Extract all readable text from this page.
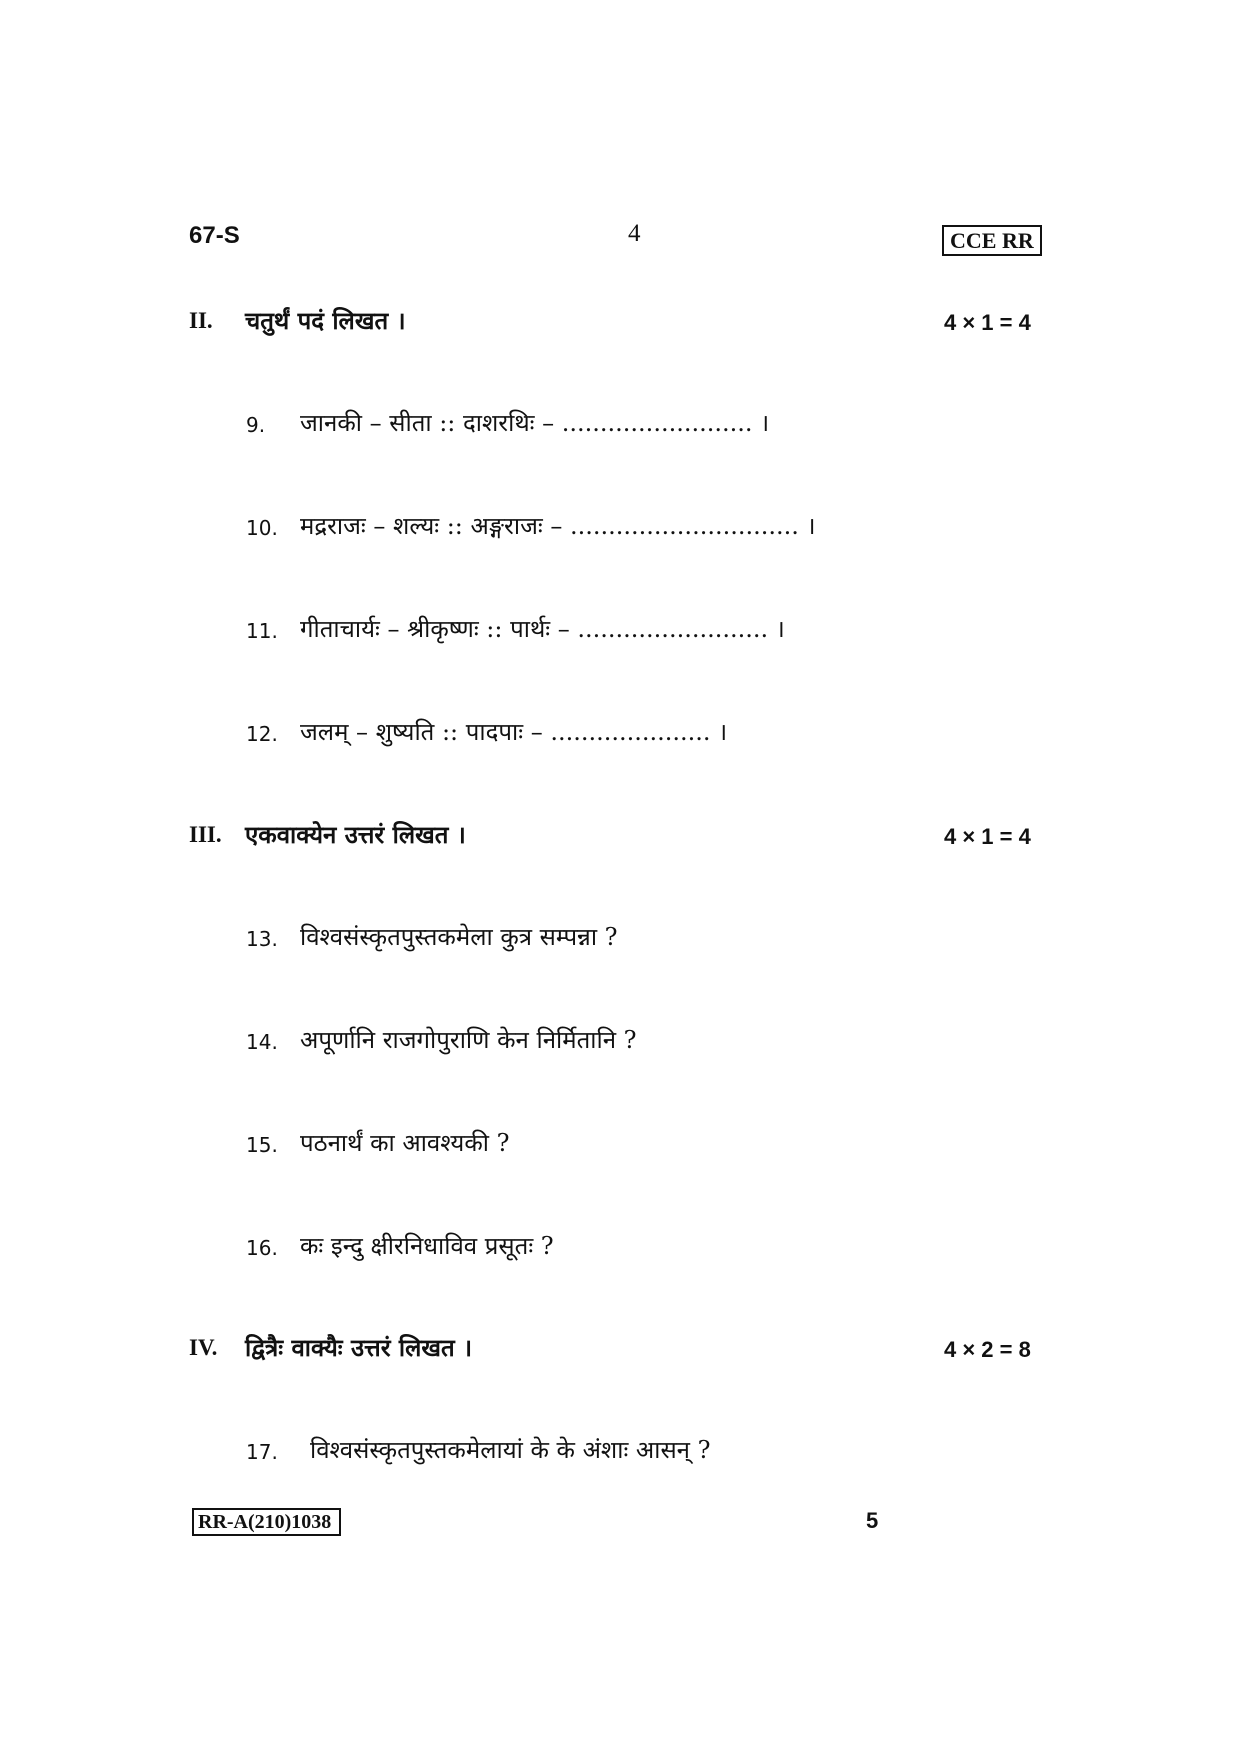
67-S	4	CCE RR
II. चतुर्थं पदं लिखत ।	4 × 1 = 4
9. जानकी – सीता :: दाशरथिः – ......................... ।
10. मद्रराजः – शल्यः :: अङ्गराजः – .............................. ।
11. गीताचार्यः – श्रीकृष्णः :: पार्थः – ......................... ।
12. जलम् – शुष्यति :: पादपाः – ..................... ।
III. एकवाक्येन उत्तरं लिखत ।	4 × 1 = 4
13. विश्वसंस्कृतपुस्तकमेला कुत्र सम्पन्ना ?
14. अपूर्णानि राजगोपुराणि केन निर्मितानि ?
15. पठनार्थं का आवश्यकी ?
16. कः इन्दु क्षीरनिधाविव प्रसूतः ?
IV. द्वित्रैः वाक्यैः उत्तरं लिखत ।	4 × 2 = 8
17. विश्वसंस्कृतपुस्तकमेलायां के के अंशाः आसन् ?
RR-A(210)1038	5
